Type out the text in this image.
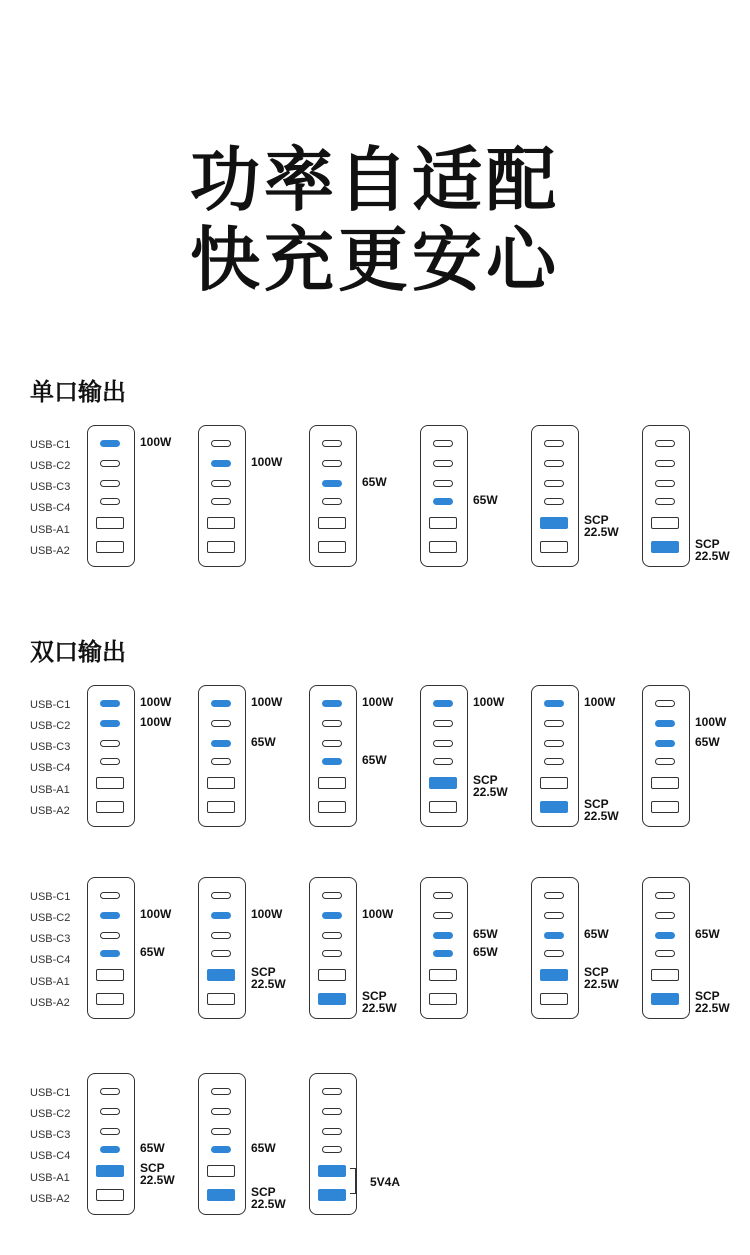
功率自适配
快充更安心
单口输出
双口输出
USB-C1
USB-C2
USB-C3
USB-C4
USB-A1
USB-A2
100W
100W
65W
65W
SCP
22.5W
SCP
22.5W
USB-C1
USB-C2
USB-C3
USB-C4
USB-A1
USB-A2
100W
100W
100W
65W
100W
65W
100W
SCP
22.5W
100W
SCP
22.5W
100W
65W
USB-C1
USB-C2
USB-C3
USB-C4
USB-A1
USB-A2
100W
65W
100W
SCP
22.5W
100W
SCP
22.5W
65W
65W
65W
SCP
22.5W
65W
SCP
22.5W
USB-C1
USB-C2
USB-C3
USB-C4
USB-A1
USB-A2
65W
SCP
22.5W
65W
SCP
22.5W
5V4A
